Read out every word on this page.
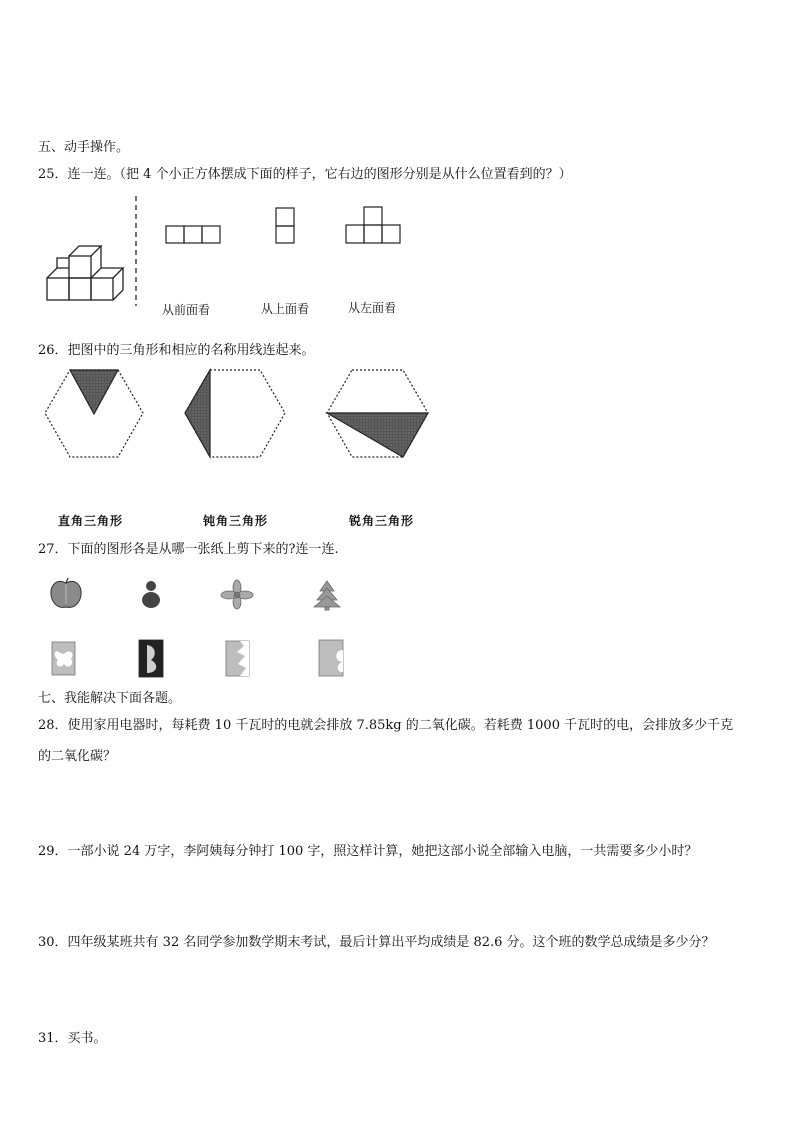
五、动手操作。
25．连一连。（把 4 个小正方体摆成下面的样子，它右边的图形分别是从什么位置看到的？）
从前面看	从上面看	从左面看
26．把图中的三角形和相应的名称用线连起来。
直角三角形	钝角三角形	锐角三角形
27．下面的图形各是从哪一张纸上剪下来的?连一连.
七、我能解决下面各题。
28．使用家用电器时，每耗费 10 千瓦时的电就会排放 7.85kg 的二氧化碳。若耗费 1000 千瓦时的电，会排放多少千克
的二氧化碳？
29．一部小说 24 万字，李阿姨每分钟打 100 字，照这样计算，她把这部小说全部输入电脑，一共需要多少小时？
30．四年级某班共有 32 名同学参加数学期末考试，最后计算出平均成绩是 82.6 分。这个班的数学总成绩是多少分？
31．买书。
